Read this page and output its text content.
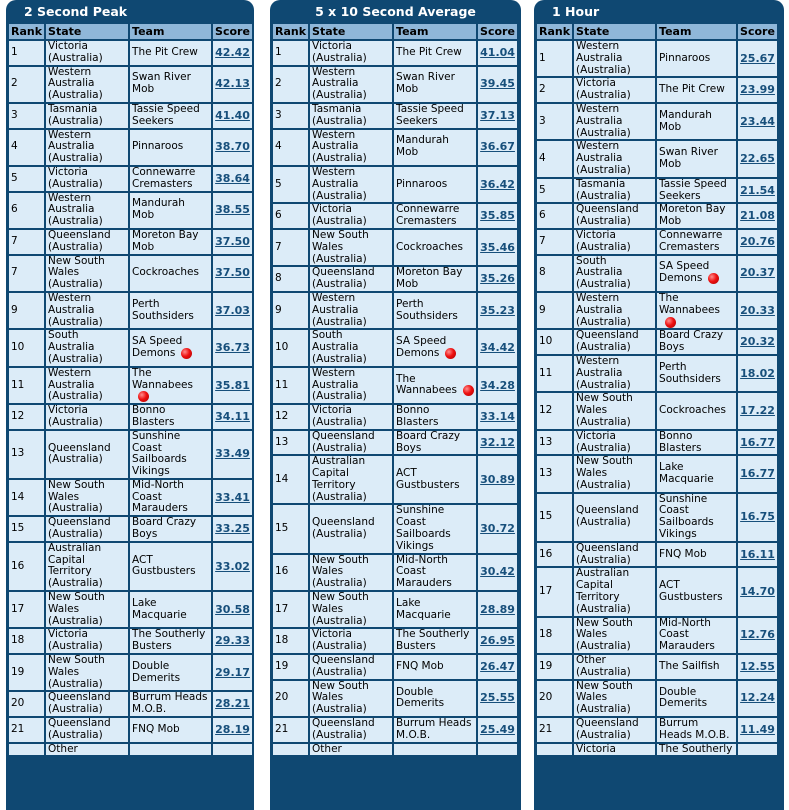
2 Second Peak
Rank	State	Team	Score
1	Victoria (Australia)	The Pit Crew	42.42
2	Western Australia (Australia)	Swan River Mob	42.13
3	Tasmania (Australia)	Tassie Speed Seekers	41.40
4	Western Australia (Australia)	Pinnaroos	38.70
5	Victoria (Australia)	Connewarre Cremasters	38.64
6	Western Australia (Australia)	Mandurah Mob	38.55
7	Queensland (Australia)	Moreton Bay Mob	37.50
7	New South Wales (Australia)	Cockroaches	37.50
9	Western Australia (Australia)	Perth Southsiders	37.03
10	South Australia (Australia)	SA Speed Demons	36.73
11	Western Australia (Australia)	The Wannabees	35.81
12	Victoria (Australia)	Bonno Blasters	34.11
13	Queensland (Australia)	Sunshine Coast Sailboards Vikings	33.49
14	New South Wales (Australia)	Mid-North Coast Marauders	33.41
15	Queensland (Australia)	Board Crazy Boys	33.25
16	Australian Capital Territory (Australia)	ACT Gustbusters	33.02
17	New South Wales (Australia)	Lake Macquarie	30.58
18	Victoria (Australia)	The Southerly Busters	29.33
19	New South Wales (Australia)	Double Demerits	29.17
20	Queensland (Australia)	Burrum Heads M.O.B.	28.21
21	Queensland (Australia)	FNQ Mob	28.19
	Other		
5 x 10 Second Average
Rank	State	Team	Score
1	Victoria (Australia)	The Pit Crew	41.04
2	Western Australia (Australia)	Swan River Mob	39.45
3	Tasmania (Australia)	Tassie Speed Seekers	37.13
4	Western Australia (Australia)	Mandurah Mob	36.67
5	Western Australia (Australia)	Pinnaroos	36.42
6	Victoria (Australia)	Connewarre Cremasters	35.85
7	New South Wales (Australia)	Cockroaches	35.46
8	Queensland (Australia)	Moreton Bay Mob	35.26
9	Western Australia (Australia)	Perth Southsiders	35.23
10	South Australia (Australia)	SA Speed Demons	34.42
11	Western Australia (Australia)	The Wannabees	34.28
12	Victoria (Australia)	Bonno Blasters	33.14
13	Queensland (Australia)	Board Crazy Boys	32.12
14	Australian Capital Territory (Australia)	ACT Gustbusters	30.89
15	Queensland (Australia)	Sunshine Coast Sailboards Vikings	30.72
16	New South Wales (Australia)	Mid-North Coast Marauders	30.42
17	New South Wales (Australia)	Lake Macquarie	28.89
18	Victoria (Australia)	The Southerly Busters	26.95
19	Queensland (Australia)	FNQ Mob	26.47
20	New South Wales (Australia)	Double Demerits	25.55
21	Queensland (Australia)	Burrum Heads M.O.B.	25.49
	Other		
1 Hour
Rank	State	Team	Score
1	Western Australia (Australia)	Pinnaroos	25.67
2	Victoria (Australia)	The Pit Crew	23.99
3	Western Australia (Australia)	Mandurah Mob	23.44
4	Western Australia (Australia)	Swan River Mob	22.65
5	Tasmania (Australia)	Tassie Speed Seekers	21.54
6	Queensland (Australia)	Moreton Bay Mob	21.08
7	Victoria (Australia)	Connewarre Cremasters	20.76
8	South Australia (Australia)	SA Speed Demons	20.37
9	Western Australia (Australia)	The Wannabees	20.33
10	Queensland (Australia)	Board Crazy Boys	20.32
11	Western Australia (Australia)	Perth Southsiders	18.02
12	New South Wales (Australia)	Cockroaches	17.22
13	Victoria (Australia)	Bonno Blasters	16.77
13	New South Wales (Australia)	Lake Macquarie	16.77
15	Queensland (Australia)	Sunshine Coast Sailboards Vikings	16.75
16	Queensland (Australia)	FNQ Mob	16.11
17	Australian Capital Territory (Australia)	ACT Gustbusters	14.70
18	New South Wales (Australia)	Mid-North Coast Marauders	12.76
19	Other (Australia)	The Sailfish	12.55
20	New South Wales (Australia)	Double Demerits	12.24
21	Queensland (Australia)	Burrum Heads M.O.B.	11.49
	Victoria	The Southerly	
